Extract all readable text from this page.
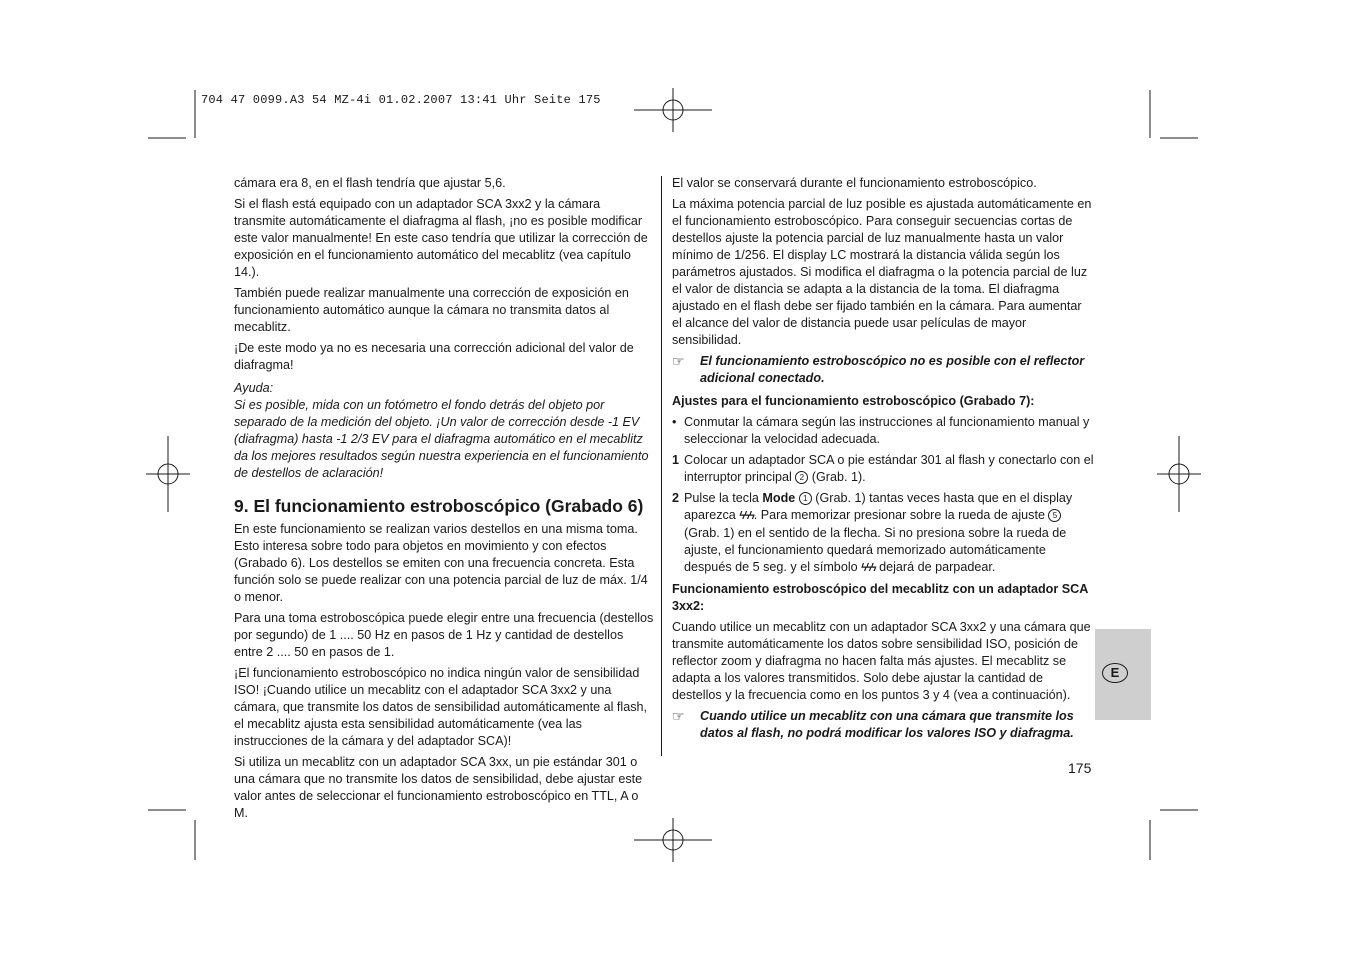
704 47 0099.A3 54 MZ-4i 01.02.2007 13:41 Uhr Seite 175

cámara era 8, en el flash tendría que ajustar 5,6.

Si el flash está equipado con un adaptador SCA 3xx2 y la cámara transmite automáticamente el diafragma al flash, ¡no es posible modificar este valor manualmente! En este caso tendría que utilizar la corrección de exposición en el funcionamiento automático del mecablitz (vea capítulo 14.).

También puede realizar manualmente una corrección de exposición en funcionamiento automático aunque la cámara no transmita datos al mecablitz.

¡De este modo ya no es necesaria una corrección adicional del valor de diafragma!

Ayuda:

Si es posible, mida con un fotómetro el fondo detrás del objeto por separado de la medición del objeto. ¡Un valor de corrección desde -1 EV (diafragma) hasta -1 2/3 EV para el diafragma automático en el mecablitz da los mejores resultados según nuestra experiencia en el funcionamiento de destellos de aclaración!

9. El funcionamiento estroboscópico (Grabado 6)

En este funcionamiento se realizan varios destellos en una misma toma. Esto interesa sobre todo para objetos en movimiento y con efectos (Grabado 6). Los destellos se emiten con una frecuencia concreta. Esta función solo se puede realizar con una potencia parcial de luz de máx. 1/4 o menor.

Para una toma estroboscópica puede elegir entre una frecuencia (destellos por segundo) de 1 .... 50 Hz en pasos de 1 Hz y cantidad de destellos entre 2 .... 50 en pasos de 1.

¡El funcionamiento estroboscópico no indica ningún valor de sensibilidad ISO! ¡Cuando utilice un mecablitz con el adaptador SCA 3xx2 y una cámara, que transmite los datos de sensibilidad automáticamente al flash, el mecablitz ajusta esta sensibilidad automáticamente (vea las instrucciones de la cámara y del adaptador SCA)!

Si utiliza un mecablitz con un adaptador SCA 3xx, un pie estándar 301 o una cámara que no transmite los datos de sensibilidad, debe ajustar este valor antes de seleccionar el funcionamiento estroboscópico en TTL, A o M.

El valor se conservará durante el funcionamiento estroboscópico.

La máxima potencia parcial de luz posible es ajustada automáticamente en el funcionamiento estroboscópico. Para conseguir secuencias cortas de destellos ajuste la potencia parcial de luz manualmente hasta un valor mínimo de 1/256. El display LC mostrará la distancia válida según los parámetros ajustados. Si modifica el diafragma o la potencia parcial de luz el valor de distancia se adapta a la distancia de la toma. El diafragma ajustado en el flash debe ser fijado también en la cámara. Para aumentar el alcance del valor de distancia puede usar películas de mayor sensibilidad.

☞	El funcionamiento estroboscópico no es posible con el reflector adicional conectado.
Ajustes para el funcionamiento estroboscópico (Grabado 7):
• Conmutar la cámara según las instrucciones al funcionamiento manual y seleccionar la velocidad adecuada.
1 Colocar un adaptador SCA o pie estándar 301 al flash y conectarlo con el interruptor principal 2 (Grab. 1).
2 Pulse la tecla Mode 1 (Grab. 1) tantas veces hasta que en el display aparezca ϟϟϟ. Para memorizar presionar sobre la rueda de ajuste 5 (Grab. 1) en el sentido de la flecha. Si no presiona sobre la rueda de ajuste, el funcionamiento quedará memorizado automáticamente después de 5 seg. y el símbolo ϟϟϟ dejará de parpadear.
Funcionamiento estroboscópico del mecablitz con un adaptador SCA 3xx2:

Cuando utilice un mecablitz con un adaptador SCA 3xx2 y una cámara que transmite automáticamente los datos sobre sensibilidad ISO, posición de reflector zoom y diafragma no hacen falta más ajustes. El mecablitz se adapta a los valores transmitidos. Solo debe ajustar la cantidad de destellos y la frecuencia como en los puntos 3 y 4 (vea a continuación).

☞	Cuando utilice un mecablitz con una cámara que transmite los datos al flash, no podrá modificar los valores ISO y diafragma.
E
175
